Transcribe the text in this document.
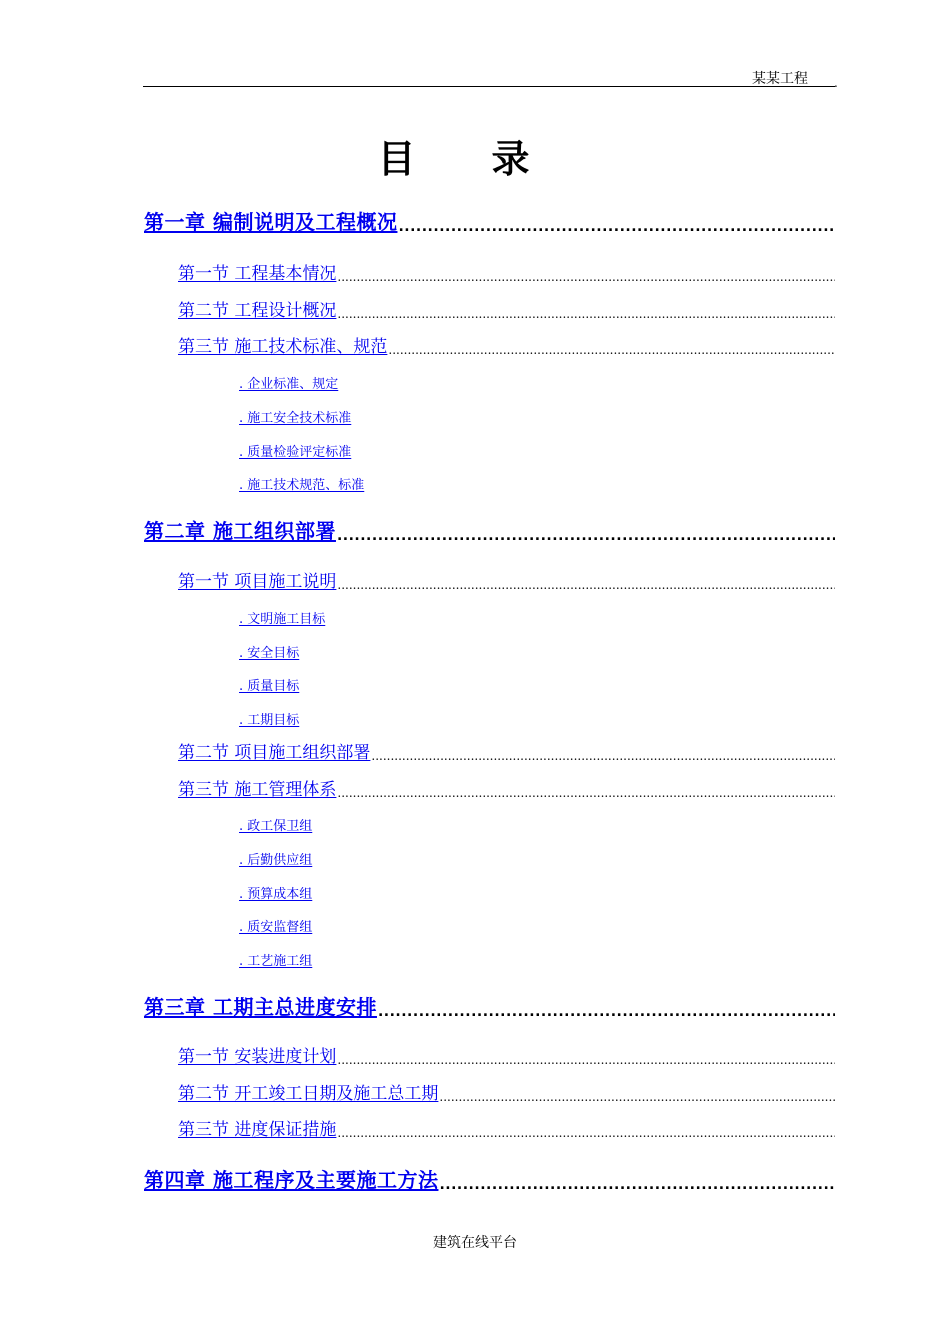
某某工程 .
目录
第一章 编制说明及工程概况
.....
第一节 工程基本情况
.....
第二节 工程设计概况
.....
第三节 施工技术标准、规范
.....
. 企业标准、规定
. 施工安全技术标准
. 质量检验评定标准
. 施工技术规范、标准
第二章 施工组织部署
.....
第一节 项目施工说明
.....
. 文明施工目标
. 安全目标
. 质量目标
. 工期目标
第二节 项目施工组织部署
.....
第三节 施工管理体系
.....
. 政工保卫组
. 后勤供应组
. 预算成本组
. 质安监督组
. 工艺施工组
第三章 工期主总进度安排
.....
第一节 安装进度计划
.....
第二节 开工竣工日期及施工总工期
.....
第三节 进度保证措施
.....
第四章 施工程序及主要施工方法
.....
建筑在线平台
